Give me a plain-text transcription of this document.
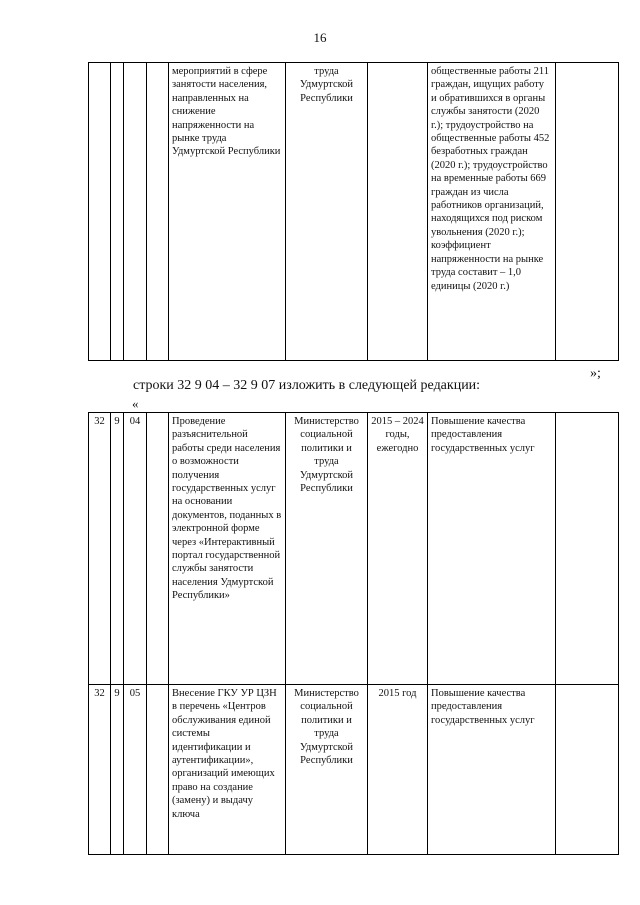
16
				мероприятий в сфере занятости населения, направленных на снижение напряженности на рынке труда Удмуртской Республики	труда Удмуртской Республики		общественные работы 211 граждан, ищущих работу и обратившихся в органы службы занятости (2020 г.); трудоустройство на общественные работы 452 безработных граждан (2020 г.); трудоустройство на временные работы 669 граждан из числа работников организаций, находящихся под риском увольнения (2020 г.); коэффициент напряженности на рынке труда составит – 1,0 единицы (2020 г.)	
»;
строки 32 9 04 – 32 9 07 изложить в следующей редакции:
«
32	9	04		Проведение разъяснительной работы среди населения о возможности получения государственных услуг на основании документов, поданных в электронной форме через «Интерактивный портал государственной службы занятости населения Удмуртской Республики»	Министерство социальной политики и труда Удмуртской Республики	2015 – 2024 годы, ежегодно	Повышение качества предоставления государственных услуг	
32	9	05		Внесение ГКУ УР ЦЗН в перечень «Центров обслуживания единой системы идентификации и аутентификации», организаций имеющих право на создание (замену) и выдачу ключа	Министерство социальной политики и труда Удмуртской Республики	2015 год	Повышение качества предоставления государственных услуг	
